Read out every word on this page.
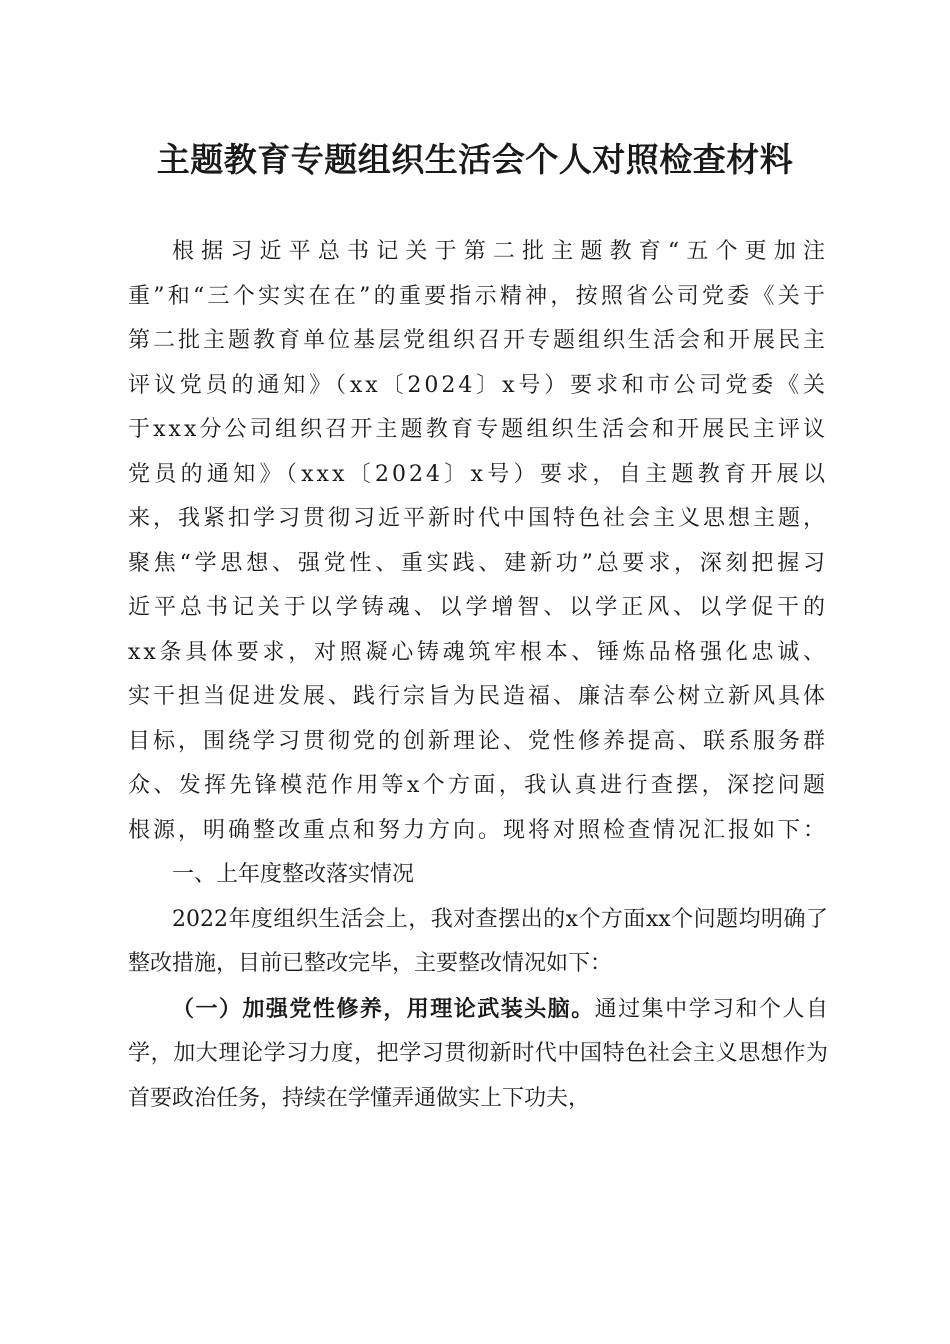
主题教育专题组织生活会个人对照检查材料

根据习近平总书记关于第二批主题教育“五个更加注重”和“三个实实在在”的重要指示精神，按照省公司党委《关于第二批主题教育单位基层党组织召开专题组织生活会和开展民主评议党员的通知》（xx〔2024〕x号）要求和市公司党委《关于xxx分公司组织召开主题教育专题组织生活会和开展民主评议党员的通知》（xxx〔2024〕x号）要求，自主题教育开展以来，我紧扣学习贯彻习近平新时代中国特色社会主义思想主题，聚焦“学思想、强党性、重实践、建新功”总要求，深刻把握习近平总书记关于以学铸魂、以学增智、以学正风、以学促干的xx条具体要求，对照凝心铸魂筑牢根本、锤炼品格强化忠诚、实干担当促进发展、践行宗旨为民造福、廉洁奉公树立新风具体目标，围绕学习贯彻党的创新理论、党性修养提高、联系服务群众、发挥先锋模范作用等x个方面，我认真进行查摆，深挖问题根源，明确整改重点和努力方向。现将对照检查情况汇报如下：

一、上年度整改落实情况

2022年度组织生活会上，我对查摆出的x个方面xx个问题均明确了整改措施，目前已整改完毕，主要整改情况如下：

（一）加强党性修养，用理论武装头脑。通过集中学习和个人自学，加大理论学习力度，把学习贯彻新时代中国特色社会主义思想作为首要政治任务，持续在学懂弄通做实上下功夫，
